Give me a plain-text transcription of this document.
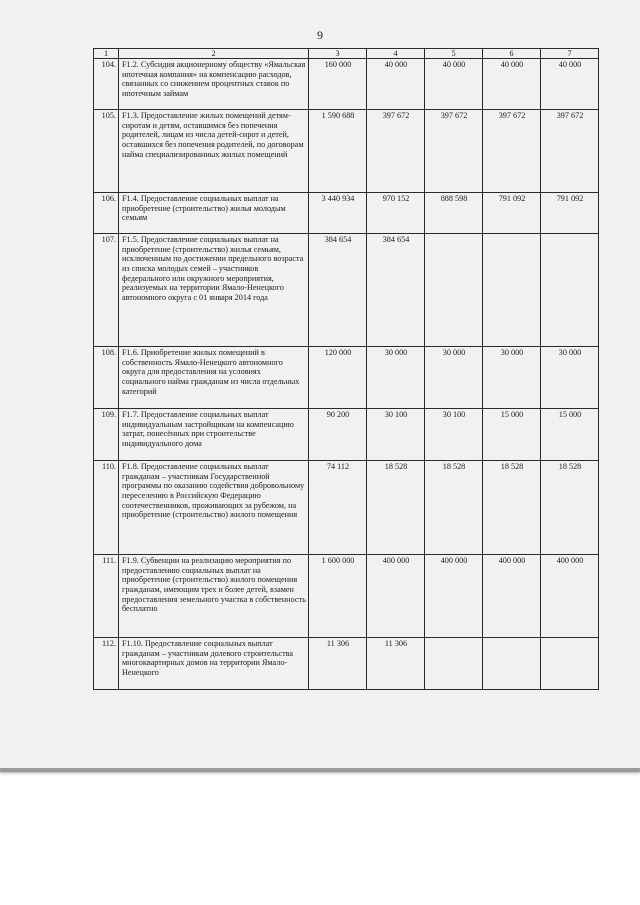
9
1	2	3	4	5	6	7
104.	F1.2. Субсидия акционерному обществу «Ямальская ипотечная компания» на компенсацию расходов, связанных со снижением процентных ставок по ипотечным займам	160 000	40 000	40 000	40 000	40 000
105.	F1.3. Предоставление жилых помещений детям-сиротам и детям, оставшимся без попечения родителей, лицам из числа детей-сирот и детей, оставшихся без попечения родителей, по договорам найма специализированных жилых помещений	1 590 688	397 672	397 672	397 672	397 672
106.	F1.4. Предоставление социальных выплат на приобретение (строительство) жилья молодым семьям	3 440 934	970 152	888 598	791 092	791 092
107.	F1.5. Предоставление социальных выплат на приобретение (строительство) жилья семьям, исключенным по достижении предельного возраста из списка молодых семей – участников федерального или окружного мероприятия, реализуемых на территории Ямало-Ненецкого автономного округа с 01 января 2014 года	384 654	384 654			
108.	F1.6. Приобретение жилых помещений в собственность Ямало-Ненецкого автономного округа для предоставления на условиях социального найма гражданам из числа отдельных категорий	120 000	30 000	30 000	30 000	30 000
109.	F1.7. Предоставление социальных выплат индивидуальным застройщикам на компенсацию затрат, понесённых при строительстве индивидуального дома	90 200	30 100	30 100	15 000	15 000
110.	F1.8. Предоставление социальных выплат гражданам – участникам Государственной программы по оказанию содействия добровольному переселению в Российскую Федерацию соотечественников, проживающих за рубежом, на приобретение (строительство) жилого помещения	74 112	18 528	18 528	18 528	18 528
111.	F1.9. Субвенции на реализацию мероприятия по предоставлению социальных выплат на приобретение (строительство) жилого помещения гражданам, имеющим трех и более детей, взамен предоставления земельного участка в собственность бесплатно	1 600 000	400 000	400 000	400 000	400 000
112.	F1.10. Предоставление социальных выплат гражданам – участникам долевого строительства многоквартирных домов на территории Ямало-Ненецкого	11 306	11 306			
